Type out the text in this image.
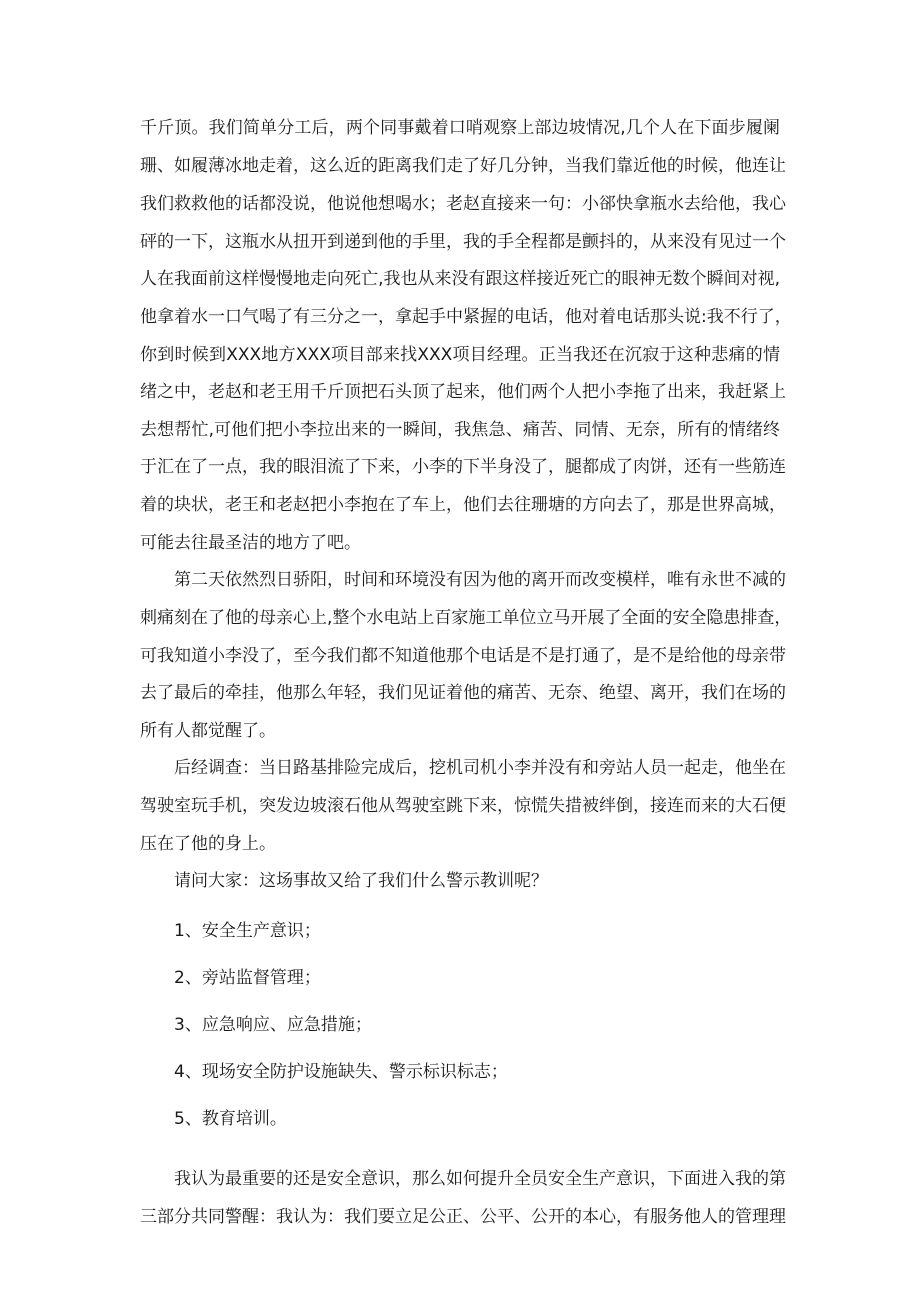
千斤顶。我们简单分工后，两个同事戴着口哨观察上部边坡情况,几个人在下面步履阑
珊、如履薄冰地走着，这么近的距离我们走了好几分钟，当我们靠近他的时候，他连让
我们救救他的话都没说，他说他想喝水；老赵直接来一句：小郤快拿瓶水去给他，我心
砰的一下，这瓶水从扭开到递到他的手里，我的手全程都是颤抖的，从来没有见过一个
人在我面前这样慢慢地走向死亡,我也从来没有跟这样接近死亡的眼神无数个瞬间对视,
他拿着水一口气喝了有三分之一，拿起手中紧握的电话，他对着电话那头说:我不行了，
你到时候到XXX地方XXX项目部来找XXX项目经理。正当我还在沉寂于这种悲痛的情
绪之中，老赵和老王用千斤顶把石头顶了起来，他们两个人把小李拖了出来，我赶紧上
去想帮忙,可他们把小李拉出来的一瞬间，我焦急、痛苦、同情、无奈，所有的情绪终
于汇在了一点，我的眼泪流了下来，小李的下半身没了，腿都成了肉饼，还有一些筋连
着的块状，老王和老赵把小李抱在了车上，他们去往珊塘的方向去了，那是世界高城，
可能去往最圣洁的地方了吧。
第二天依然烈日骄阳，时间和环境没有因为他的离开而改变模样，唯有永世不减的
刺痛刻在了他的母亲心上,整个水电站上百家施工单位立马开展了全面的安全隐患排查，
可我知道小李没了，至今我们都不知道他那个电话是不是打通了，是不是给他的母亲带
去了最后的牵挂，他那么年轻，我们见证着他的痛苦、无奈、绝望、离开，我们在场的
所有人都觉醒了。
后经调查：当日路基排险完成后，挖机司机小李并没有和旁站人员一起走，他坐在
驾驶室玩手机，突发边坡滚石他从驾驶室跳下来，惊慌失措被绊倒，接连而来的大石便
压在了他的身上。
请问大家：这场事故又给了我们什么警示教训呢？
1、安全生产意识；
2、旁站监督管理；
3、应急响应、应急措施；
4、现场安全防护设施缺失、警示标识标志；
5、教育培训。
我认为最重要的还是安全意识，那么如何提升全员安全生产意识，下面进入我的第
三部分共同警醒：我认为：我们要立足公正、公平、公开的本心，有服务他人的管理理
